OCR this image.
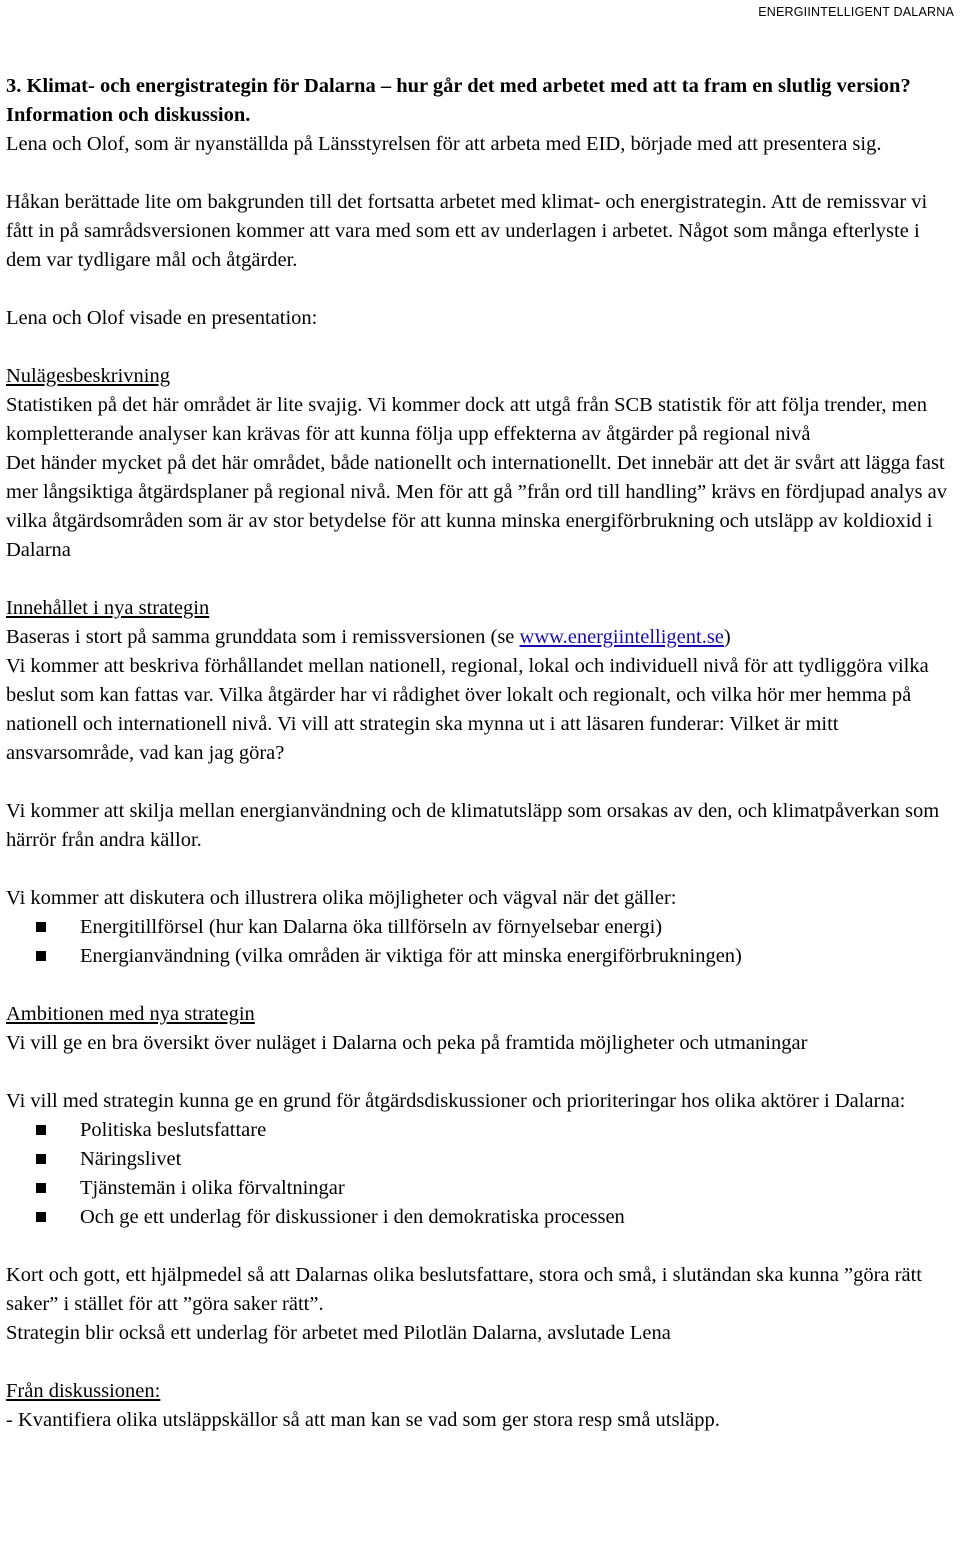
ENERGIINTELLIGENT DALARNA

3. Klimat- och energistrategin för Dalarna – hur går det med arbetet med att ta fram en slutlig version? Information och diskussion.

Lena och Olof, som är nyanställda på Länsstyrelsen för att arbeta med EID, började med att presentera sig.

Håkan berättade lite om bakgrunden till det fortsatta arbetet med klimat- och energistrategin. Att de remissvar vi fått in på samrådsversionen kommer att vara med som ett av underlagen i arbetet. Något som många efterlyste i dem var tydligare mål och åtgärder.

Lena och Olof visade en presentation:

Nulägesbeskrivning

Statistiken på det här området är lite svajig. Vi kommer dock att utgå från SCB statistik för att följa trender, men kompletterande analyser kan krävas för att kunna följa upp effekterna av åtgärder på regional nivå

Det händer mycket på det här området, både nationellt och internationellt. Det innebär att det är svårt att lägga fast mer långsiktiga åtgärdsplaner på regional nivå. Men för att gå ”från ord till handling” krävs en fördjupad analys av vilka åtgärdsområden som är av stor betydelse för att kunna minska energiförbrukning och utsläpp av koldioxid i Dalarna

Innehållet i nya strategin

Baseras i stort på samma grunddata som i remissversionen (se www.energiintelligent.se)

Vi kommer att beskriva förhållandet mellan nationell, regional, lokal och individuell nivå för att tydliggöra vilka beslut som kan fattas var. Vilka åtgärder har vi rådighet över lokalt och regionalt, och vilka hör mer hemma på nationell och internationell nivå. Vi vill att strategin ska mynna ut i att läsaren funderar: Vilket är mitt ansvarsområde, vad kan jag göra?

Vi kommer att skilja mellan energianvändning och de klimatutsläpp som orsakas av den, och klimatpåverkan som härrör från andra källor.

Vi kommer att diskutera och illustrera olika möjligheter och vägval när det gäller:

Energitillförsel (hur kan Dalarna öka tillförseln av förnyelsebar energi)
Energianvändning (vilka områden är viktiga för att minska energiförbrukningen)

Ambitionen med nya strategin

Vi vill ge en bra översikt över nuläget i Dalarna och peka på framtida möjligheter och utmaningar

Vi vill med strategin kunna ge en grund för åtgärdsdiskussioner och prioriteringar hos olika aktörer i Dalarna:

Politiska beslutsfattare
Näringslivet
Tjänstemän i olika förvaltningar
Och ge ett underlag för diskussioner i den demokratiska processen

Kort och gott, ett hjälpmedel så att Dalarnas olika beslutsfattare, stora och små, i slutändan ska kunna ”göra rätt saker” i stället för att ”göra saker rätt”.

Strategin blir också ett underlag för arbetet med Pilotlän Dalarna, avslutade Lena

Från diskussionen:

- Kvantifiera olika utsläppskällor så att man kan se vad som ger stora resp små utsläpp.
